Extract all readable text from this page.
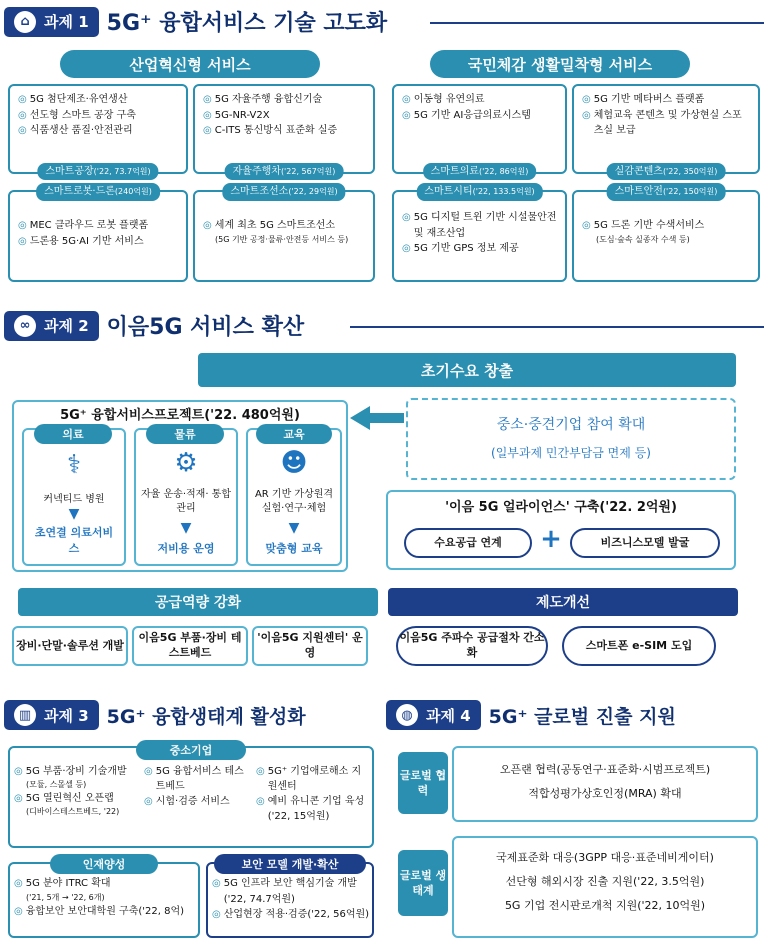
⌂ 과제 1 5G⁺ 융합서비스 기술 고도화
산업혁신형 서비스	국민체감 생활밀착형 서비스
◎ 5G 첨단제조·유연생산
◎ 선도형 스마트 공장 구축
◎ 식품생산 품질·안전관리
스마트공장('22, 73.7억원)
◎ 5G 자율주행 융합신기술
◎ 5G-NR-V2X
◎ C-ITS 통신방식 표준화 실증
자율주행차('22, 567억원)
◎ 이동형 유연의료
◎ 5G 기반 AI응급의료시스템
스마트의료('22, 86억원)
◎ 5G 기반 메타버스 플랫폼
◎ 체험교육 콘텐츠 및 가상현실 스포츠실 보급
실감콘텐츠('22, 350억원)
스마트로봇·드론(240억원)
◎ MEC 클라우드 로봇 플랫폼
◎ 드론용 5G·AI 기반 서비스
스마트조선소('22, 29억원)
◎ 세계 최초 5G 스마트조선소
(5G 기반 공정·물류·안전등 서비스 등)
스마트시티('22, 133.5억원)
◎ 5G 디지털 트윈 기반 시설물안전 및 재조산업
◎ 5G 기반 GPS 정보 제공
스마트안전('22, 150억원)
◎ 5G 드론 기반 수색서비스
(도심·숲속 실종자 수색 등)
∞ 과제 2 이음5G 서비스 확산
초기수요 창출
5G⁺ 융합서비스프로젝트('22. 480억원)
의료
⚕
커넥티드 병원
▼
초연결 의료서비스
물류
⚙
자율 운송·적재· 통합관리
▼
저비용 운영
교육
☻
AR 기반 가상원격 실험·연구·체험
▼
맞춤형 교육
중소·중견기업 참여 확대
(일부과제 민간부담금 면제 등)
'이음 5G 얼라이언스' 구축('22. 2억원)
수요공급 연계	+	비즈니스모델 발굴
공급역량 강화	제도개선
장비·단말·솔루션 개발
이음5G 부품·장비 테스트베드
'이음5G 지원센터' 운영
이음5G 주파수 공급절차 간소화
스마트폰 e-SIM 도입
▥ 과제 3 5G⁺ 융합생태계 활성화
중소기업
◎ 5G 부품·장비 기술개발
(모듈, 스몰셀 등)
◎ 5G 열린혁신 오픈랩
(디바이스테스트베드, '22)
◎ 5G 융합서비스 테스트베드
◎ 시험·검증 서비스
◎ 5G⁺ 기업애로해소 지원센터
◎ 예비 유니콘 기업 육성('22, 15억원)
인재양성
◎ 5G 분야 ITRC 확대
('21, 5개 → '22, 6개)
◎ 융합보안 보안대학원 구축('22, 8억)
보안 모델 개발·확산
◎ 5G 인프라 보안 핵심기술 개발('22, 74.7억원)
◎ 산업현장 적용·검증('22, 56억원)
◍ 과제 4 5G⁺ 글로벌 진출 지원
글로벌 협력
오픈랜 협력(공동연구·표준화·시범프로젝트)
적합성평가상호인정(MRA) 확대
글로벌 생태계
국제표준화 대응(3GPP 대응·표준네비게이터)
선단형 해외시장 진출 지원('22, 3.5억원)
5G 기업 전시판로개척 지원('22, 10억원)
